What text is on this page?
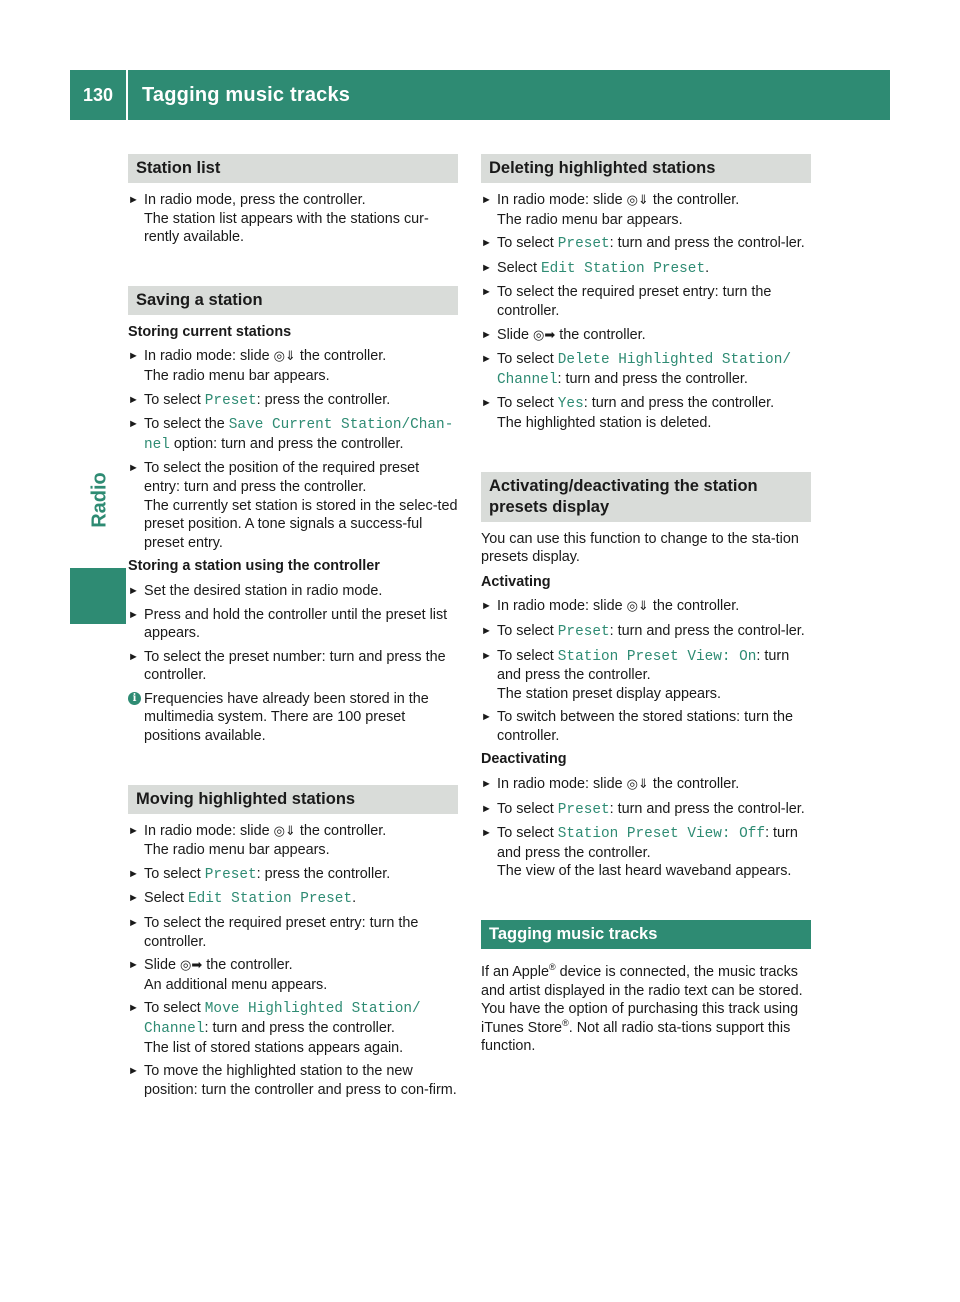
130	Tagging music tracks
Radio
Station list
► In radio mode, press the controller.
The station list appears with the stations cur-rently available.
Saving a station
Storing current stations
► In radio mode: slide ◎⇓ the controller.
The radio menu bar appears.
► To select Preset: press the controller.
► To select the Save Current Station/Chan-nel option: turn and press the controller.
► To select the position of the required preset entry: turn and press the controller.
The currently set station is stored in the selec-ted preset position. A tone signals a success-ful preset entry.
Storing a station using the controller
► Set the desired station in radio mode.
► Press and hold the controller until the preset list appears.
► To select the preset number: turn and press the controller.
i Frequencies have already been stored in the multimedia system. There are 100 preset positions available.
Moving highlighted stations
► In radio mode: slide ◎⇓ the controller.
The radio menu bar appears.
► To select Preset: press the controller.
► Select Edit Station Preset.
► To select the required preset entry: turn the controller.
► Slide ◎➡ the controller.
An additional menu appears.
► To select Move Highlighted Station/ Channel: turn and press the controller.
The list of stored stations appears again.
► To move the highlighted station to the new position: turn the controller and press to con-firm.
Deleting highlighted stations
► In radio mode: slide ◎⇓ the controller.
The radio menu bar appears.
► To select Preset: turn and press the control-ler.
► Select Edit Station Preset.
► To select the required preset entry: turn the controller.
► Slide ◎➡ the controller.
► To select Delete Highlighted Station/ Channel: turn and press the controller.
► To select Yes: turn and press the controller.
The highlighted station is deleted.
Activating/deactivating the station presets display
You can use this function to change to the sta-tion presets display.
Activating
► In radio mode: slide ◎⇓ the controller.
► To select Preset: turn and press the control-ler.
► To select Station Preset View: On: turn and press the controller.
The station preset display appears.
► To switch between the stored stations: turn the controller.
Deactivating
► In radio mode: slide ◎⇓ the controller.
► To select Preset: turn and press the control-ler.
► To select Station Preset View: Off: turn and press the controller.
The view of the last heard waveband appears.
Tagging music tracks
If an Apple® device is connected, the music tracks and artist displayed in the radio text can be stored. You have the option of purchasing this track using iTunes Store®. Not all radio sta-tions support this function.
